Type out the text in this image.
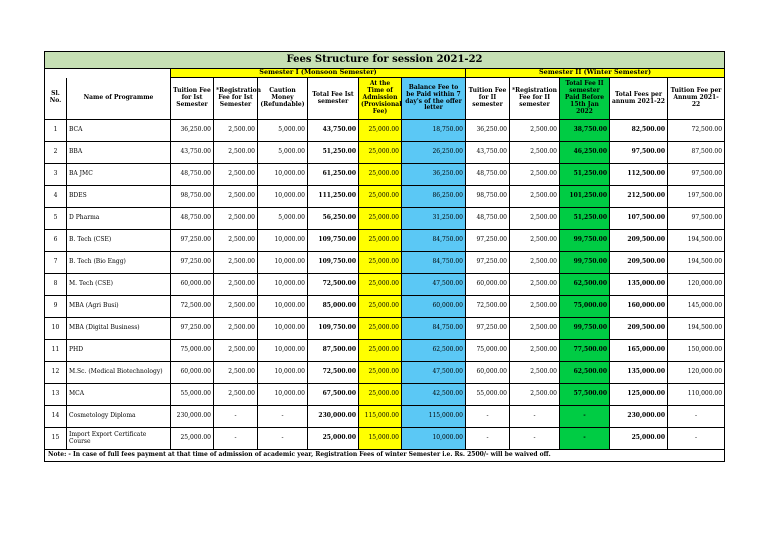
Fees Structure for session 2021-22												
		Semester I (Monsoon Semester)						Semester II (Winter Semester)				
Sl. No.	Name of Programme	Tuition Fee for Ist Semester	*Registration Fee for Ist Semester	Caution Money (Refundable)	Total Fee Ist semester	At the Time of Admission (Provisional Fee)	Balance Fee to be Paid within 7 day's of the offer letter	Tuition Fee for II semester	*Registration Fee for II semester	Total Fee II semester Paid Before 15th Jan 2022	Total Fees per annum 2021-22	Tuition Fee per Annum 2021-22
1	BCA	36,250.00	2,500.00	5,000.00	43,750.00	25,000.00	18,750.00	36,250.00	2,500.00	38,750.00	82,500.00	72,500.00
2	BBA	43,750.00	2,500.00	5,000.00	51,250.00	25,000.00	26,250.00	43,750.00	2,500.00	46,250.00	97,500.00	87,500.00
3	BA JMC	48,750.00	2,500.00	10,000.00	61,250.00	25,000.00	36,250.00	48,750.00	2,500.00	51,250.00	112,500.00	97,500.00
4	BDES	98,750.00	2,500.00	10,000.00	111,250.00	25,000.00	86,250.00	98,750.00	2,500.00	101,250.00	212,500.00	197,500.00
5	D Pharma	48,750.00	2,500.00	5,000.00	56,250.00	25,000.00	31,250.00	48,750.00	2,500.00	51,250.00	107,500.00	97,500.00
6	B. Tech (CSE)	97,250.00	2,500.00	10,000.00	109,750.00	25,000.00	84,750.00	97,250.00	2,500.00	99,750.00	209,500.00	194,500.00
7	B. Tech (Bio Engg)	97,250.00	2,500.00	10,000.00	109,750.00	25,000.00	84,750.00	97,250.00	2,500.00	99,750.00	209,500.00	194,500.00
8	M. Tech (CSE)	60,000.00	2,500.00	10,000.00	72,500.00	25,000.00	47,500.00	60,000.00	2,500.00	62,500.00	135,000.00	120,000.00
9	MBA (Agri Busi)	72,500.00	2,500.00	10,000.00	85,000.00	25,000.00	60,000.00	72,500.00	2,500.00	75,000.00	160,000.00	145,000.00
10	MBA (Digital Business)	97,250.00	2,500.00	10,000.00	109,750.00	25,000.00	84,750.00	97,250.00	2,500.00	99,750.00	209,500.00	194,500.00
11	PHD	75,000.00	2,500.00	10,000.00	87,500.00	25,000.00	62,500.00	75,000.00	2,500.00	77,500.00	165,000.00	150,000.00
12	M.Sc. (Medical Biotechnology)	60,000.00	2,500.00	10,000.00	72,500.00	25,000.00	47,500.00	60,000.00	2,500.00	62,500.00	135,000.00	120,000.00
13	MCA	55,000.00	2,500.00	10,000.00	67,500.00	25,000.00	42,500.00	55,000.00	2,500.00	57,500.00	125,000.00	110,000.00
14	Cosmetology Diploma	230,000.00	-	-	230,000.00	115,000.00	115,000.00	-	-	-	230,000.00	-
15	Import Export Certificate Course	25,000.00	-	-	25,000.00	15,000.00	10,000.00	-	-	-	25,000.00	-
Note: - In case of full fees payment at that time of admission of academic year, Registration Fees of winter Semester i.e. Rs. 2500/- will be waived off.												
